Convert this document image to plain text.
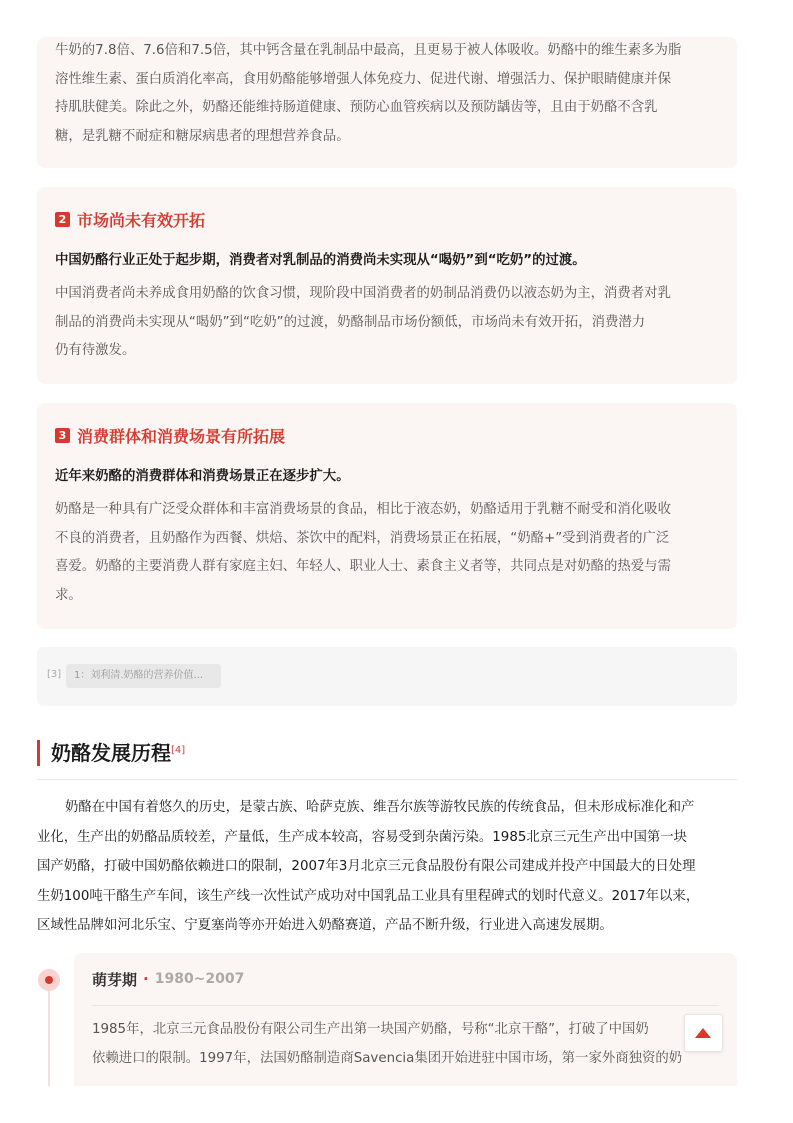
牛奶的7.8倍、7.6倍和7.5倍，其中钙含量在乳制品中最高，且更易于被人体吸收。奶酪中的维生素多为脂

溶性维生素、蛋白质消化率高，食用奶酪能够增强人体免疫力、促进代谢、增强活力、保护眼睛健康并保

持肌肤健美。除此之外，奶酪还能维持肠道健康、预防心血管疾病以及预防龋齿等，且由于奶酪不含乳

糖，是乳糖不耐症和糖尿病患者的理想营养食品。

2 市场尚未有效开拓

中国奶酪行业正处于起步期，消费者对乳制品的消费尚未实现从“喝奶”到“吃奶”的过渡。

中国消费者尚未养成食用奶酪的饮食习惯，现阶段中国消费者的奶制品消费仍以液态奶为主，消费者对乳

制品的消费尚未实现从“喝奶”到“吃奶”的过渡，奶酪制品市场份额低，市场尚未有效开拓，消费潜力

仍有待激发。

3 消费群体和消费场景有所拓展

近年来奶酪的消费群体和消费场景正在逐步扩大。

奶酪是一种具有广泛受众群体和丰富消费场景的食品，相比于液态奶，奶酪适用于乳糖不耐受和消化吸收

不良的消费者，且奶酪作为西餐、烘焙、茶饮中的配料，消费场景正在拓展，“奶酪+”受到消费者的广泛

喜爱。奶酪的主要消费人群有家庭主妇、年轻人、职业人士、素食主义者等，共同点是对奶酪的热爱与需

求。

[3]	1：刘利清.奶酪的营养价值...
奶酪发展历程[4]
奶酪在中国有着悠久的历史，是蒙古族、哈萨克族、维吾尔族等游牧民族的传统食品，但未形成标准化和产
业化，生产出的奶酪品质较差，产量低，生产成本较高，容易受到杂菌污染。1985北京三元生产出中国第一块
国产奶酪，打破中国奶酪依赖进口的限制，2007年3月北京三元食品股份有限公司建成并投产中国最大的日处理
生奶100吨干酪生产车间，该生产线一次性试产成功对中国乳品工业具有里程碑式的划时代意义。2017年以来，
区域性品牌如河北乐宝、宁夏塞尚等亦开始进入奶酪赛道，产品不断升级，行业进入高速发展期。
萌芽期 · 1980~2007

1985年，北京三元食品股份有限公司生产出第一块国产奶酪，号称“北京干酪”，打破了中国奶

依赖进口的限制。1997年，法国奶酪制造商Savencia集团开始进驻中国市场，第一家外商独资的奶
